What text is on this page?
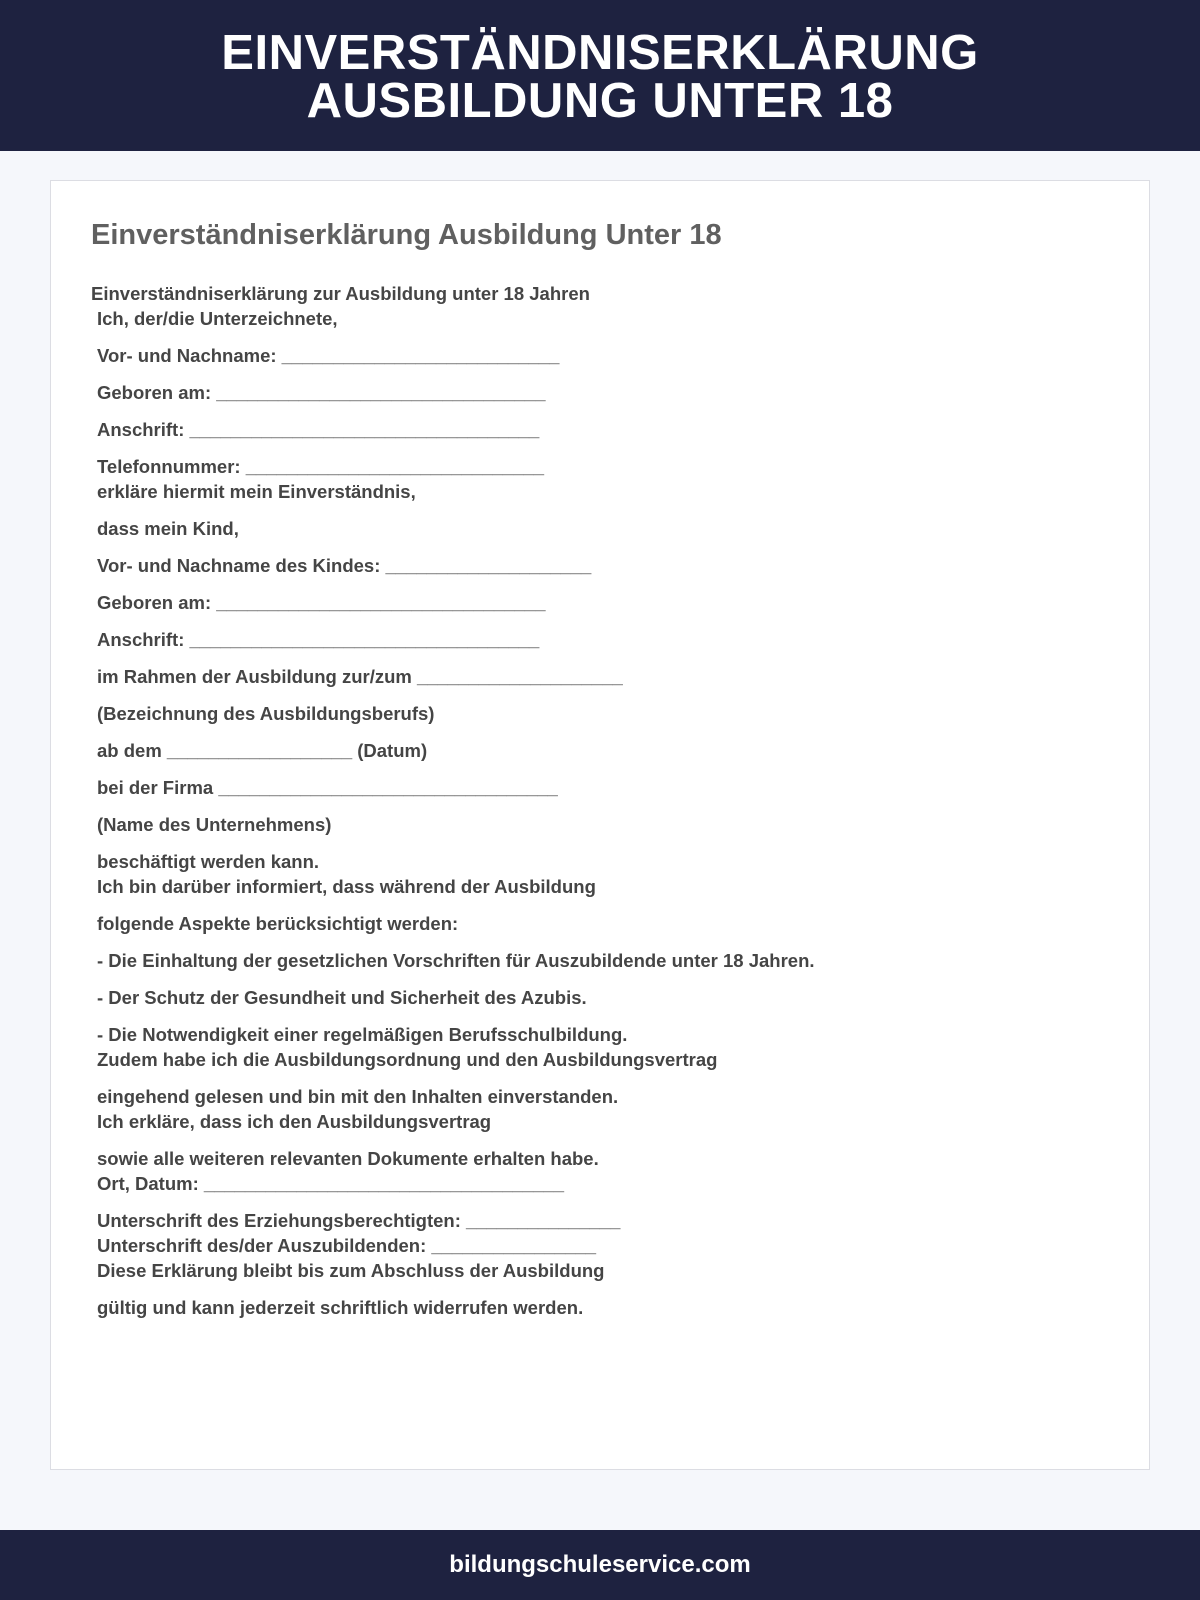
EINVERSTÄNDNISERKLÄRUNG
AUSBILDUNG UNTER 18
Einverständniserklärung Ausbildung Unter 18
Einverständniserklärung zur Ausbildung unter 18 Jahren
Ich, der/die Unterzeichnete,
Vor- und Nachname: ___________________________
Geboren am: ________________________________
Anschrift: __________________________________
Telefonnummer: _____________________________
erkläre hiermit mein Einverständnis,
dass mein Kind,
Vor- und Nachname des Kindes: ____________________
Geboren am: ________________________________
Anschrift: __________________________________
im Rahmen der Ausbildung zur/zum ____________________
(Bezeichnung des Ausbildungsberufs)
ab dem __________________ (Datum)
bei der Firma _________________________________
(Name des Unternehmens)
beschäftigt werden kann.
Ich bin darüber informiert, dass während der Ausbildung
folgende Aspekte berücksichtigt werden:
- Die Einhaltung der gesetzlichen Vorschriften für Auszubildende unter 18 Jahren.
- Der Schutz der Gesundheit und Sicherheit des Azubis.
- Die Notwendigkeit einer regelmäßigen Berufsschulbildung.
Zudem habe ich die Ausbildungsordnung und den Ausbildungsvertrag
eingehend gelesen und bin mit den Inhalten einverstanden.
Ich erkläre, dass ich den Ausbildungsvertrag
sowie alle weiteren relevanten Dokumente erhalten habe.
Ort, Datum: ___________________________________
Unterschrift des Erziehungsberechtigten: _______________
Unterschrift des/der Auszubildenden: ________________
Diese Erklärung bleibt bis zum Abschluss der Ausbildung
gültig und kann jederzeit schriftlich widerrufen werden.
bildungschuleservice.com
